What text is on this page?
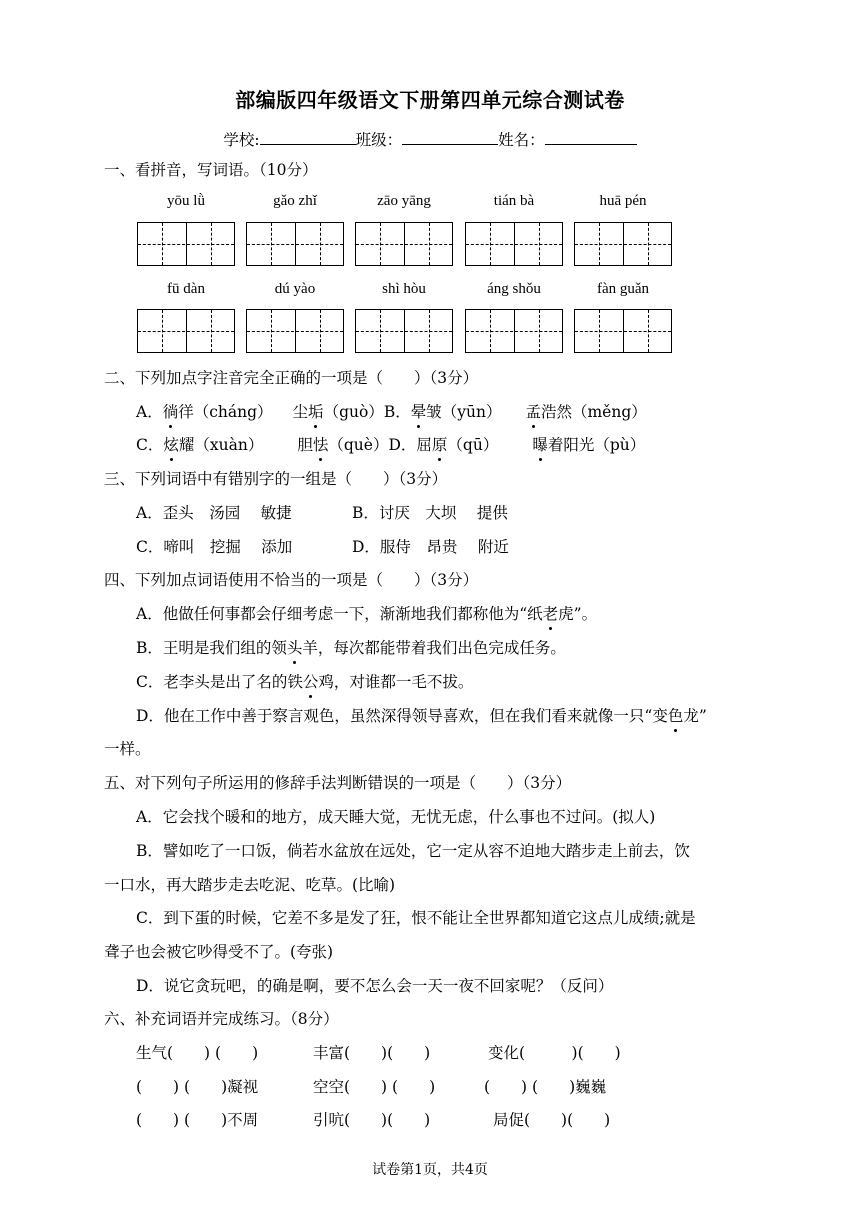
部编版四年级语文下册第四单元综合测试卷
学校:	班级：	姓名：
一、看拼音，写词语。（10分）
yōu lǜ	gǎo zhǐ	zāo yāng	tián bà	huā pén
fū dàn	dú yào	shì hòu	áng shǒu	fàn guǎn
二、下列加点字注音完全正确的一项是（　　）（3分）
A．徜徉（cháng） 尘垢（guò）B．晕皱（yūn） 孟浩然（měng）
C．炫耀（xuàn） 胆怯（què）D．屈原（qū） 曝着阳光（pù）
三、下列词语中有错别字的一组是（　　）（3分）
A．歪头　汤园　 敏捷	B．讨厌　大坝　 提供
C．啼叫　挖掘　 添加	D．服侍　昂贵　 附近
四、下列加点词语使用不恰当的一项是（　　）（3分）
A．他做任何事都会仔细考虑一下，渐渐地我们都称他为“纸老虎”。
B．王明是我们组的领头羊，每次都能带着我们出色完成任务。
C．老李头是出了名的铁公鸡，对谁都一毛不拔。
D．他在工作中善于察言观色，虽然深得领导喜欢，但在我们看来就像一只“变色龙”
一样。
五、对下列句子所运用的修辞手法判断错误的一项是（　　）（3分）
A．它会找个暖和的地方，成天睡大觉，无忧无虑，什么事也不过问。(拟人)
B．譬如吃了一口饭，倘若水盆放在远处，它一定从容不迫地大踏步走上前去，饮
一口水，再大踏步走去吃泥、吃草。(比喻)
C．到下蛋的时候，它差不多是发了狂，恨不能让全世界都知道它这点儿成绩;就是
聋子也会被它吵得受不了。(夸张)
D．说它贪玩吧，的确是啊，要不怎么会一天一夜不回家呢？（反问）
六、补充词语并完成练习。（8分）
生气(　　) (　　)	丰富(　　)(　　)	变化(　　　)(　　)
(　　) (　　)凝视	空空(　　) (　　)	(　　) (　　)巍巍
(　　) (　　)不周	引吭(　　)(　　)	局促(　　)(　　)
试卷第1页，共4页
